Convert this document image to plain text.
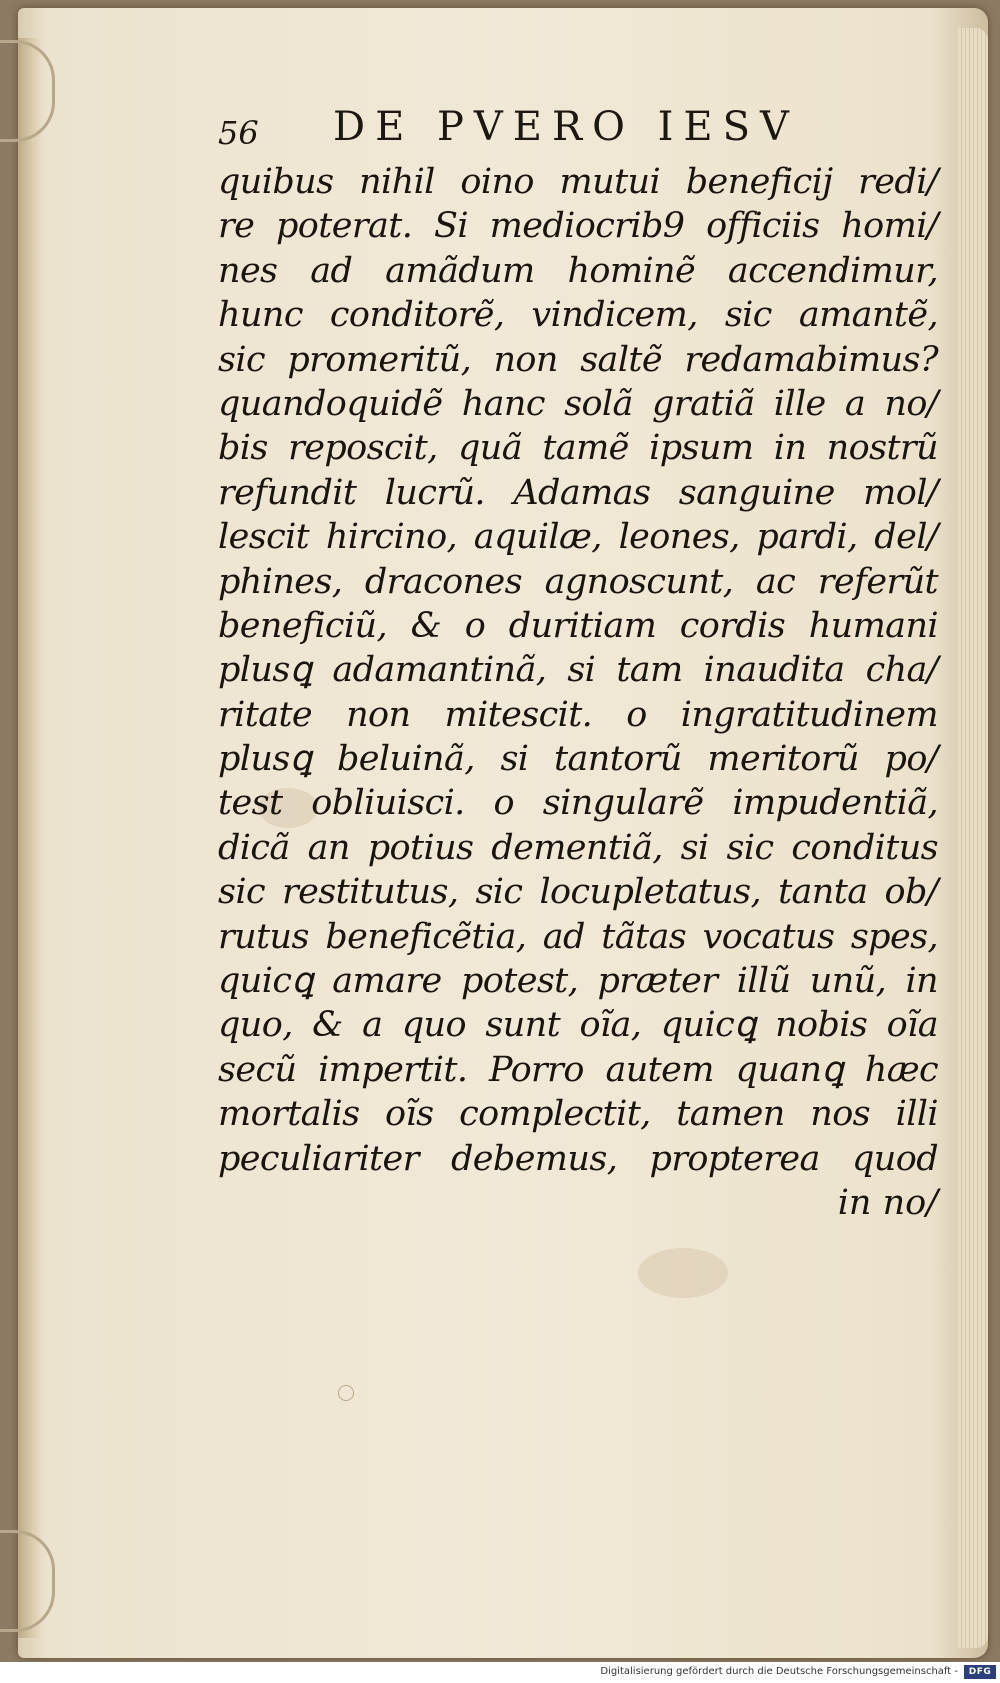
56 DE PVERO IESV
quibus nihil oino mutui beneficij redi/
re poterat. Si mediocrib9 officiis homi/
nes ad amãdum hominẽ accendimur,
hunc conditorẽ, vindicem, sic amantẽ,
sic promeritũ, non saltẽ redamabimus?
quandoquidẽ hanc solã gratiã ille a no/
bis reposcit, quã tamẽ ipsum in nostrũ
refundit lucrũ. Adamas sanguine mol/
lescit hircino, aquilæ, leones, pardi, del/
phines, dracones agnoscunt, ac referũt
beneficiũ, & o duritiam cordis humani
plusꝗ adamantinã, si tam inaudita cha/
ritate non mitescit. o ingratitudinem
plusꝗ beluinã, si tantorũ meritorũ po/
test obliuisci. o singularẽ impudentiã,
dicã an potius dementiã, si sic conditus
sic restitutus, sic locupletatus, tanta ob/
rutus beneficẽtia, ad tãtas vocatus spes,
quicꝗ amare potest, præter illũ unũ, in
quo, & a quo sunt oĩa, quicꝗ nobis oĩa
secũ impertit. Porro autem quanꝗ hæc
mortalis oĩs complectit, tamen nos illi
peculiariter debemus, propterea quod
in no/
Digitalisierung gefördert durch die Deutsche Forschungsgemeinschaft -	DFG
